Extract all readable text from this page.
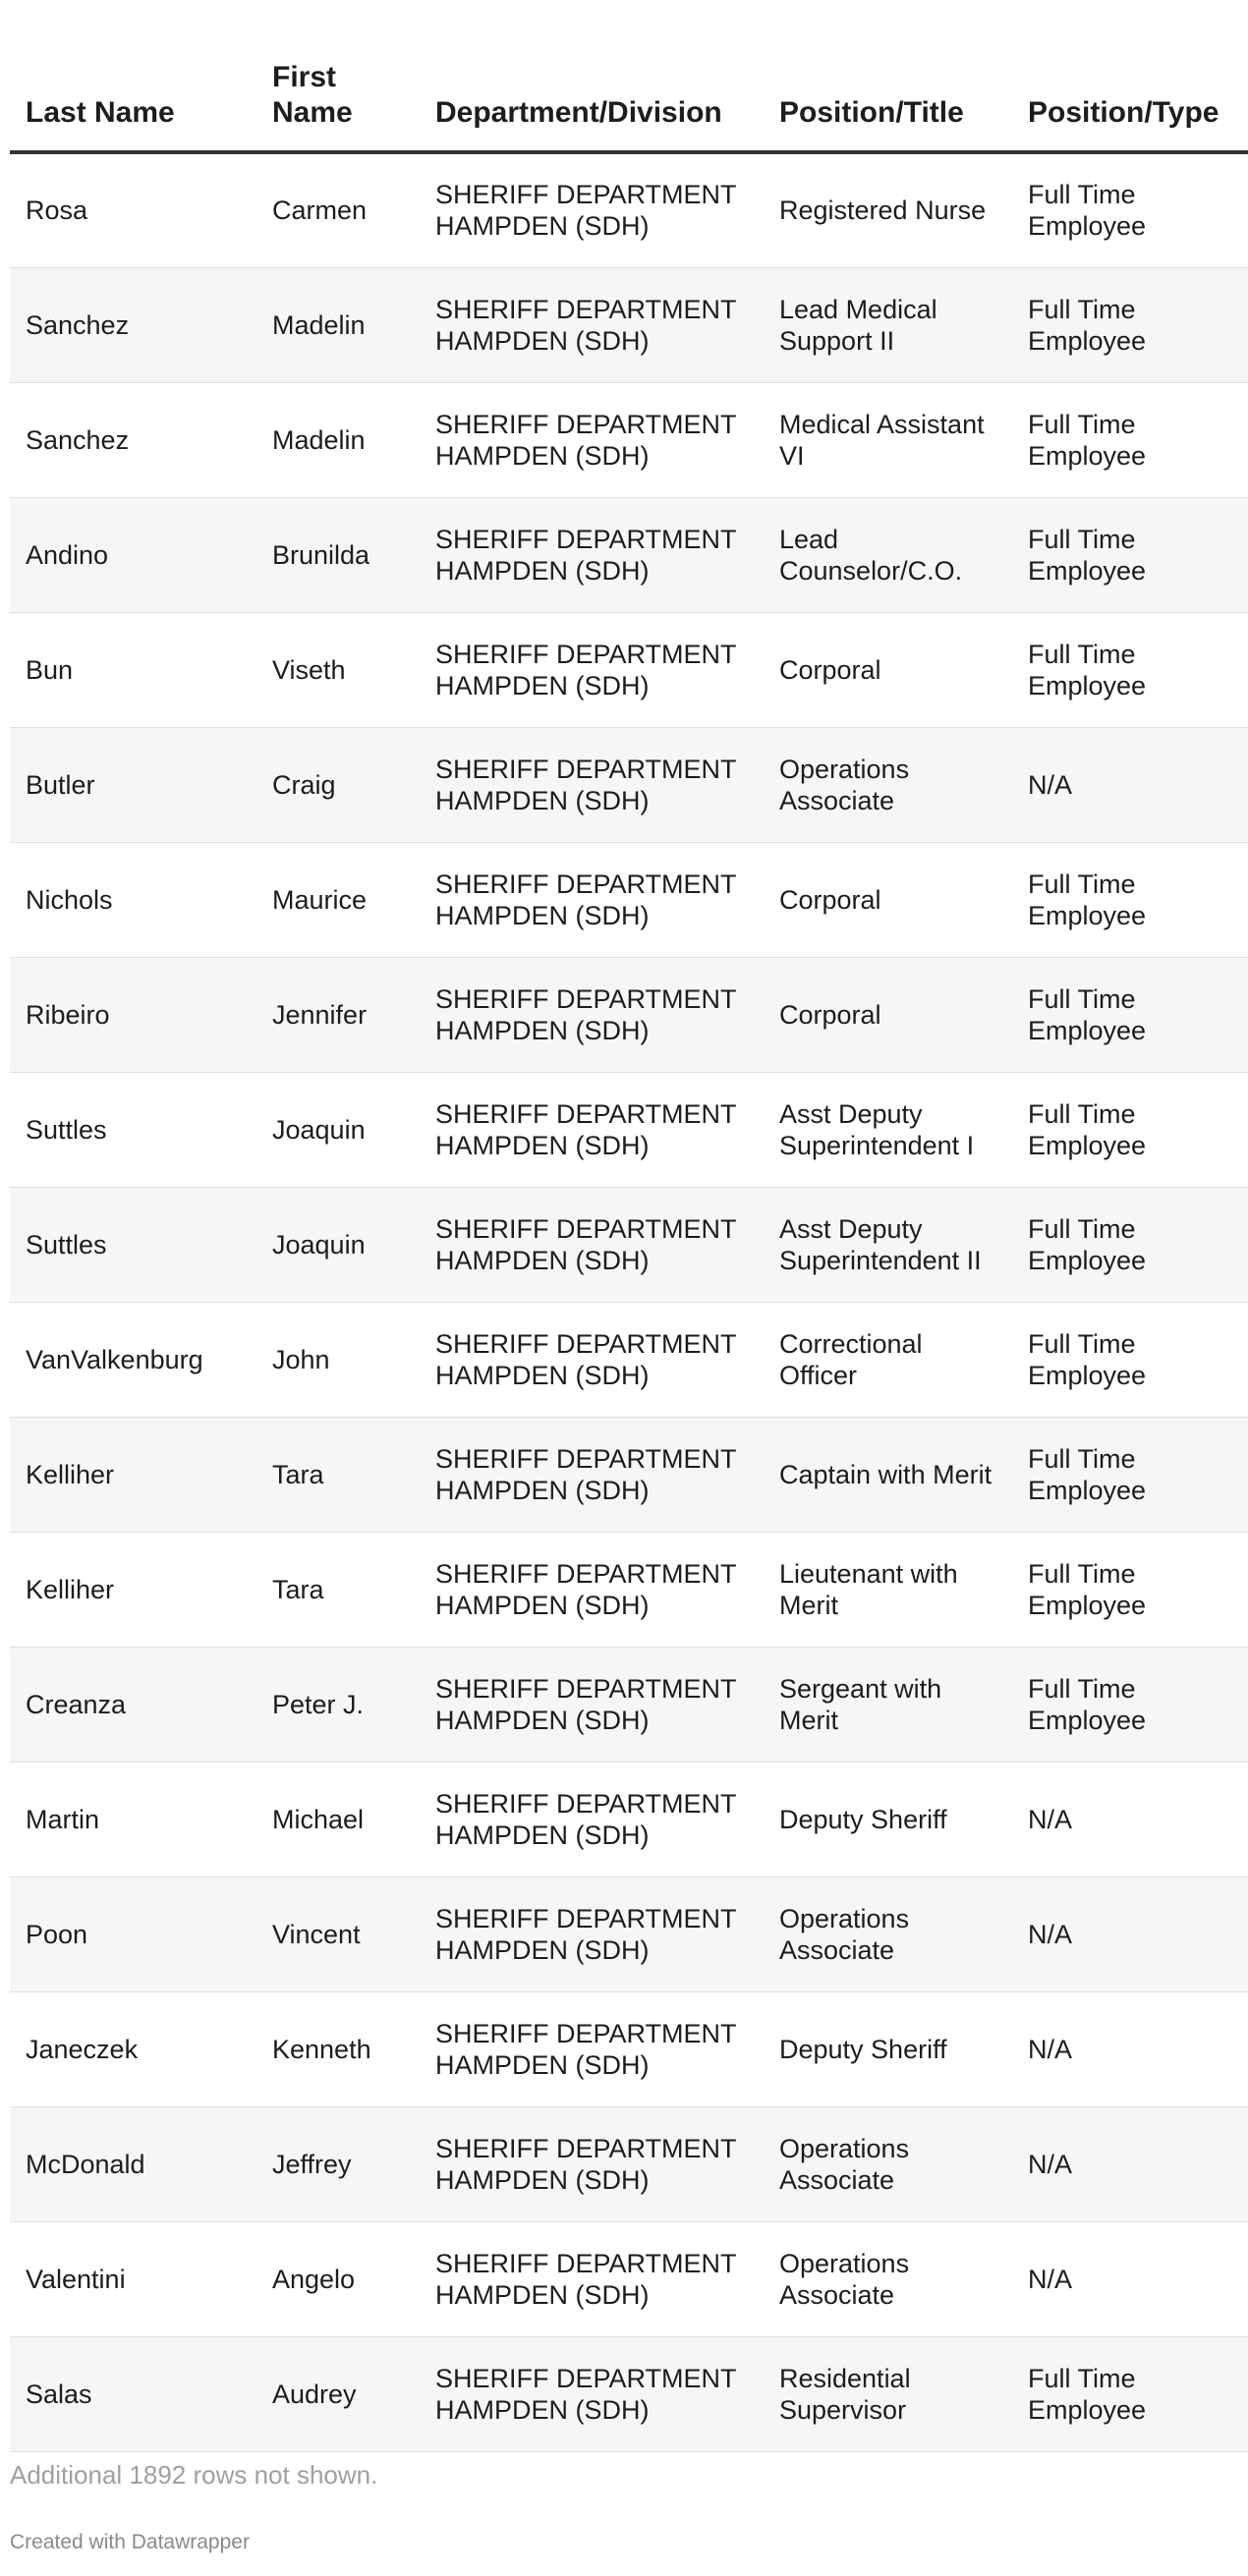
Last Name	First Name	Department/Division	Position/Title	Position/Type
Rosa	Carmen	SHERIFF DEPARTMENT HAMPDEN (SDH)	Registered Nurse	Full Time Employee
Sanchez	Madelin	SHERIFF DEPARTMENT HAMPDEN (SDH)	Lead Medical Support II	Full Time Employee
Sanchez	Madelin	SHERIFF DEPARTMENT HAMPDEN (SDH)	Medical Assistant VI	Full Time Employee
Andino	Brunilda	SHERIFF DEPARTMENT HAMPDEN (SDH)	Lead Counselor/C.O.	Full Time Employee
Bun	Viseth	SHERIFF DEPARTMENT HAMPDEN (SDH)	Corporal	Full Time Employee
Butler	Craig	SHERIFF DEPARTMENT HAMPDEN (SDH)	Operations Associate	N/A
Nichols	Maurice	SHERIFF DEPARTMENT HAMPDEN (SDH)	Corporal	Full Time Employee
Ribeiro	Jennifer	SHERIFF DEPARTMENT HAMPDEN (SDH)	Corporal	Full Time Employee
Suttles	Joaquin	SHERIFF DEPARTMENT HAMPDEN (SDH)	Asst Deputy Superintendent I	Full Time Employee
Suttles	Joaquin	SHERIFF DEPARTMENT HAMPDEN (SDH)	Asst Deputy Superintendent II	Full Time Employee
VanValkenburg	John	SHERIFF DEPARTMENT HAMPDEN (SDH)	Correctional Officer	Full Time Employee
Kelliher	Tara	SHERIFF DEPARTMENT HAMPDEN (SDH)	Captain with Merit	Full Time Employee
Kelliher	Tara	SHERIFF DEPARTMENT HAMPDEN (SDH)	Lieutenant with Merit	Full Time Employee
Creanza	Peter J.	SHERIFF DEPARTMENT HAMPDEN (SDH)	Sergeant with Merit	Full Time Employee
Martin	Michael	SHERIFF DEPARTMENT HAMPDEN (SDH)	Deputy Sheriff	N/A
Poon	Vincent	SHERIFF DEPARTMENT HAMPDEN (SDH)	Operations Associate	N/A
Janeczek	Kenneth	SHERIFF DEPARTMENT HAMPDEN (SDH)	Deputy Sheriff	N/A
McDonald	Jeffrey	SHERIFF DEPARTMENT HAMPDEN (SDH)	Operations Associate	N/A
Valentini	Angelo	SHERIFF DEPARTMENT HAMPDEN (SDH)	Operations Associate	N/A
Salas	Audrey	SHERIFF DEPARTMENT HAMPDEN (SDH)	Residential Supervisor	Full Time Employee
Additional 1892 rows not shown.
Created with Datawrapper
